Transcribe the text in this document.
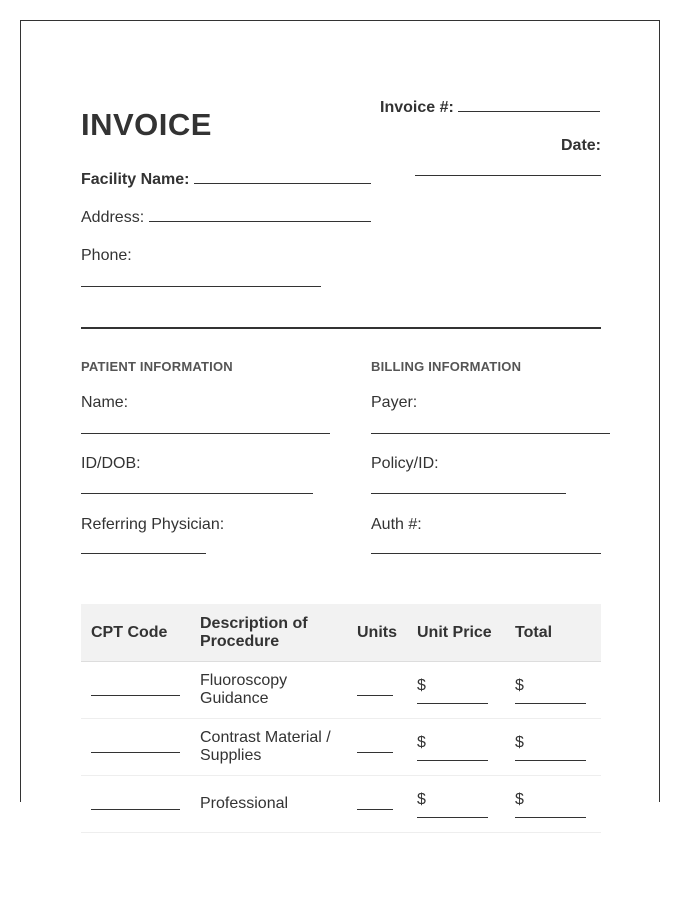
INVOICE	Invoice #:
Date:
Facility Name:
Address:
Phone:
PATIENT INFORMATION
Name:
ID/DOB:
Referring Physician:
BILLING INFORMATION
Payer:
Policy/ID:
Auth #:
CPT Code	Description of Procedure	Units	Unit Price	Total
	Fluoroscopy Guidance		$	$

	Contrast Material / Supplies		$	$

	Professional		$	$
